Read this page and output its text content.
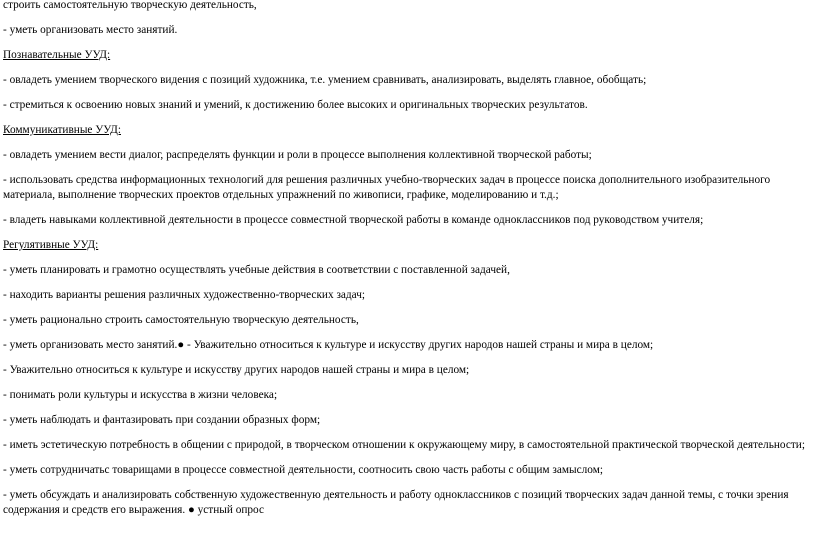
строить самостоятельную творческую деятельность,

- уметь организовать место занятий.

Познавательные УУД:

- овладеть умением творческого видения с позиций художника, т.е. умением сравнивать, анализировать, выделять главное, обобщать;

- стремиться к освоению новых знаний и умений, к достижению более высоких и оригинальных творческих результатов.

Коммуникативные УУД:

- овладеть умением вести диалог, распределять функции и роли в процессе выполнения коллективной творческой работы;

- использовать средства информационных технологий для решения различных учебно-творческих задач в процессе поиска дополнительного изобразительного

материала, выполнение творческих проектов отдельных упражнений по живописи, графике, моделированию и т.д.;

- владеть навыками коллективной деятельности в процессе совместной творческой работы в команде одноклассников под руководством учителя;

Регулятивные УУД:

- уметь планировать и грамотно осуществлять учебные действия в соответствии с поставленной задачей,

- находить варианты решения различных художественно-творческих задач;

- уметь рационально строить самостоятельную творческую деятельность,

- уметь организовать место занятий.● - Уважительно относиться к культуре и искусству других народов нашей страны и мира в целом;

- Уважительно относиться к культуре и искусству других народов нашей страны и мира в целом;

- понимать роли культуры и искусства в жизни человека;

- уметь наблюдать и фантазировать при создании образных форм;

- иметь эстетическую потребность в общении с природой, в творческом отношении к окружающему миру, в самостоятельной практической творческой деятельности;

- уметь сотрудничатьс товарищами в процессе совместной деятельности, соотносить свою часть работы с общим замыслом;

- уметь обсуждать и анализировать собственную художественную деятельность и работу одноклассников с позиций творческих задач данной темы, с точки зрения

содержания и средств его выражения. ● устный опрос
